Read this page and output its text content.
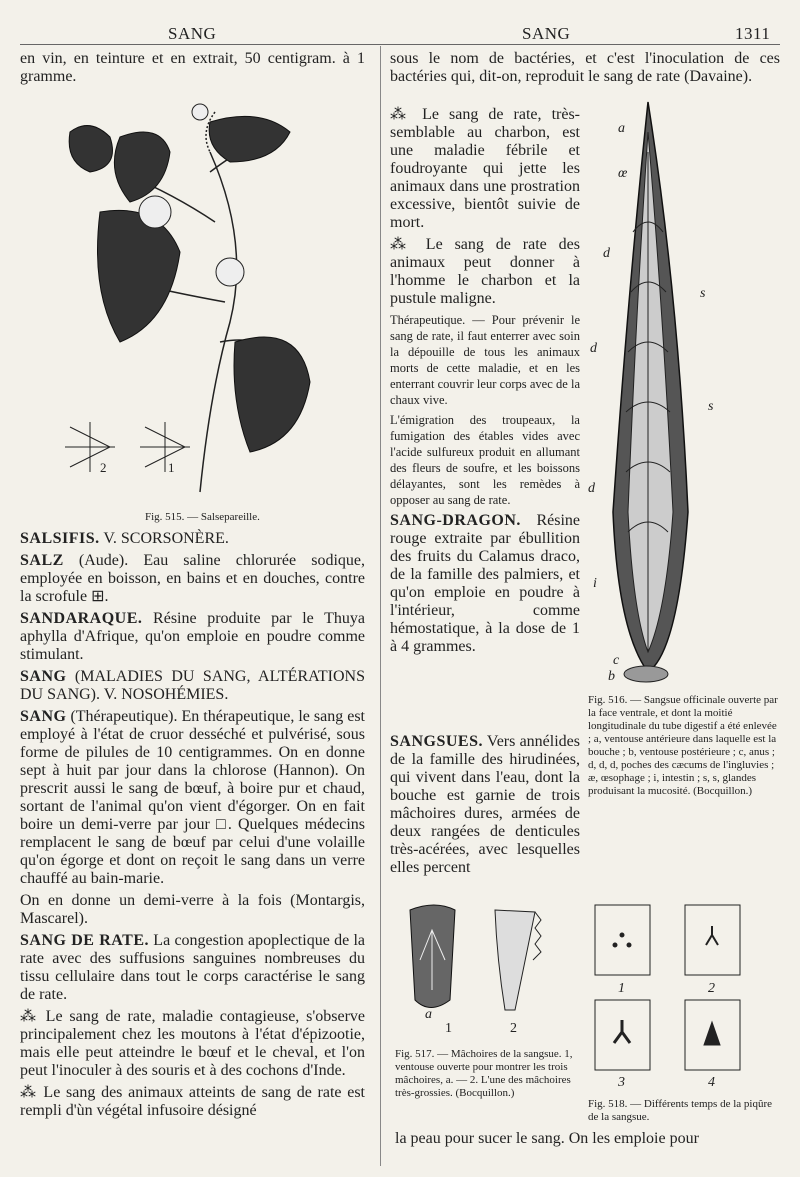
SANG	SANG	1311

en vin, en teinture et en extrait, 50 centigram. à 1 gramme.

2	1
Fig. 515. — Salsepareille.

SALSIFIS. V. SCORSONÈRE.

SALZ (Aude). Eau saline chlorurée sodique, employée en boisson, en bains et en douches, contre la scrofule ⊞.

SANDARAQUE. Résine produite par le Thuya aphylla d'Afrique, qu'on emploie en poudre comme stimulant.

SANG (MALADIES DU SANG, ALTÉRATIONS DU SANG). V. NOSOHÉMIES.

SANG (Thérapeutique). En thérapeutique, le sang est employé à l'état de cruor desséché et pulvérisé, sous forme de pilules de 10 centigrammes. On en donne sept à huit par jour dans la chlorose (Hannon). On prescrit aussi le sang de bœuf, à boire pur et chaud, sortant de l'animal qu'on vient d'égorger. On en fait boire un demi-verre par jour □. Quelques médecins remplacent le sang de bœuf par celui d'une volaille qu'on égorge et dont on reçoit le sang dans un verre chauffé au bain-marie.

On en donne un demi-verre à la fois (Montargis, Mascarel).

SANG DE RATE. La congestion apoplectique de la rate avec des suffusions sanguines nombreuses du tissu cellulaire dans tout le corps caractérise le sang de rate.

⁂ Le sang de rate, maladie contagieuse, s'observe principalement chez les moutons à l'état d'épizootie, mais elle peut atteindre le bœuf et le cheval, et l'on peut l'inoculer à des souris et à des cochons d'Inde.

⁂ Le sang des animaux atteints de sang de rate est rempli d'ùn végétal infusoire désigné

sous le nom de bactéries, et c'est l'inoculation de ces bactéries qui, dit-on, reproduit le sang de rate (Davaine).

⁂ Le sang de rate, très-semblable au charbon, est une maladie fébrile et foudroyante qui jette les animaux dans une prostration excessive, bientôt suivie de mort.

⁂ Le sang de rate des animaux peut donner à l'homme le charbon et la pustule maligne.

Thérapeutique. — Pour prévenir le sang de rate, il faut enterrer avec soin la dépouille de tous les animaux morts de cette maladie, et en les enterrant couvrir leur corps avec de la chaux vive.

L'émigration des troupeaux, la fumigation des étables vides avec l'acide sulfureux produit en allumant des fleurs de soufre, et les boissons délayantes, sont les remèdes à opposer au sang de rate.

SANG-DRAGON. Résine rouge extraite par ébullition des fruits du Calamus draco, de la famille des palmiers, et qu'on emploie en poudre à l'intérieur, comme hémostatique, à la dose de 1 à 4 grammes.

a
œ
d
s
d
s
d
i
c
b
Fig. 516. — Sangsue officinale ouverte par la face ventrale, et dont la moitié longitudinale du tube digestif a été enlevée ; a, ventouse antérieure dans laquelle est la bouche ; b, ventouse postérieure ; c, anus ; d, d, d, poches des cæcums de l'ingluvies ; æ, œsophage ; i, intestin ; s, s, glandes produisant la mucosité. (Bocquillon.)

SANGSUES. Vers annélides de la famille des hirudinées, qui vivent dans l'eau, dont la bouche est garnie de trois mâchoires dures, armées de deux rangées de denticules très-acérées, avec lesquelles elles percent

a
1	2
Fig. 517. — Mâchoires de la sangsue. 1, ventouse ouverte pour montrer les trois mâchoires, a. — 2. L'une des mâchoires très-grossies. (Bocquillon.)
1	2
3	4
Fig. 518. — Différents temps de la piqûre de la sangsue.

la peau pour sucer le sang. On les emploie pour
